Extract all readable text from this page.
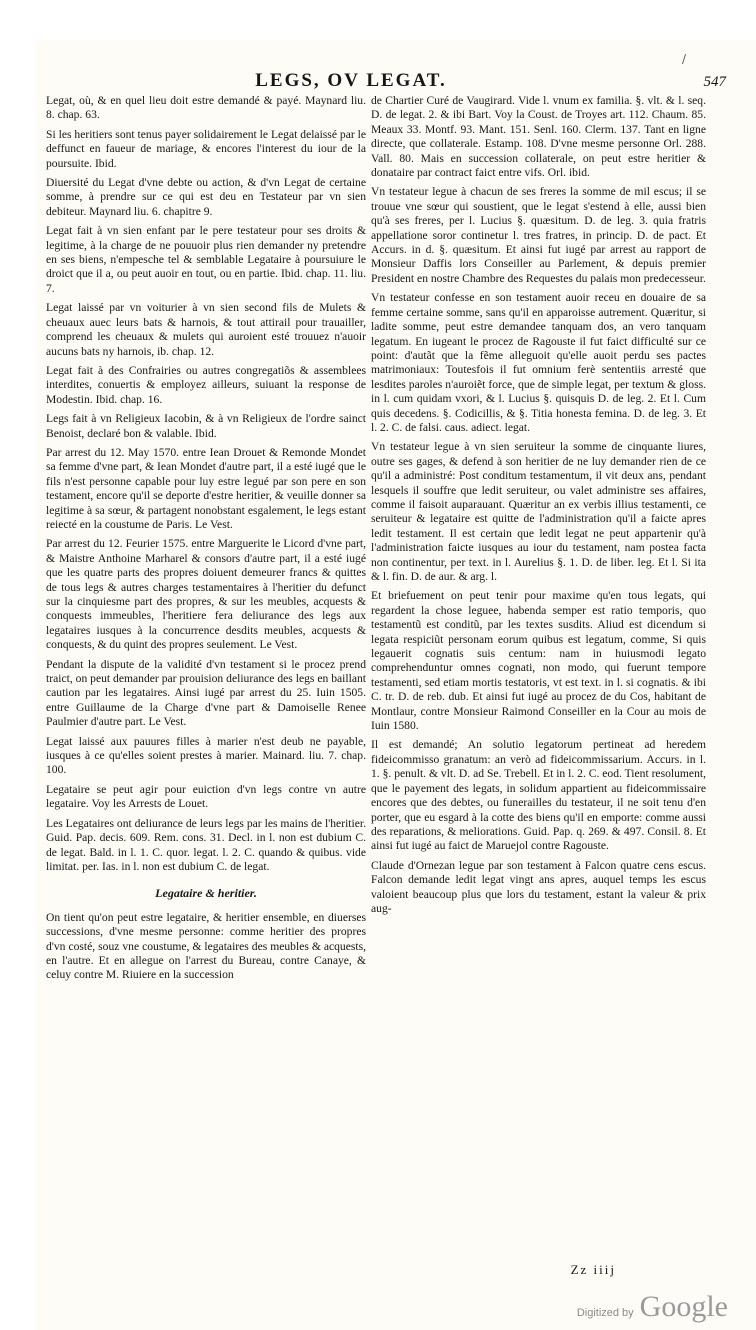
/
LEGS, OV LEGAT.	547

Legat, où, & en quel lieu doit estre demandé & payé. Maynard liu. 8. chap. 63.

Si les heritiers sont tenus payer solidairement le Legat delaissé par le deffunct en faueur de mariage, & encores l'interest du iour de la poursuite. Ibid.

Diuersité du Legat d'vne debte ou action, & d'vn Legat de certaine somme, à prendre sur ce qui est deu en Testateur par vn sien debiteur. Maynard liu. 6. chapitre 9.

Legat fait à vn sien enfant par le pere testateur pour ses droits & legitime, à la charge de ne pouuoir plus rien demander ny pretendre en ses biens, n'empesche tel & semblable Legataire à poursuiure le droict que il a, ou peut auoir en tout, ou en partie. Ibid. chap. 11. liu. 7.

Legat laissé par vn voiturier à vn sien second fils de Mulets & cheuaux auec leurs bats & harnois, & tout attirail pour trauailler, comprend les cheuaux & mulets qui auroient esté trouuez n'auoir aucuns bats ny harnois, ib. chap. 12.

Legat fait à des Confrairies ou autres congregatiõs & assemblees interdites, conuertis & employez ailleurs, suiuant la response de Modestin. Ibid. chap. 16.

Legs fait à vn Religieux Iacobin, & à vn Religieux de l'ordre sainct Benoist, declaré bon & valable. Ibid.

Par arrest du 12. May 1570. entre Iean Drouet & Remonde Mondet sa femme d'vne part, & Iean Mondet d'autre part, il a esté iugé que le fils n'est personne capable pour luy estre legué par son pere en son testament, encore qu'il se deporte d'estre heritier, & veuille donner sa legitime à sa sœur, & partagent nonobstant esgalement, le legs estant reiecté en la coustume de Paris. Le Vest.

Par arrest du 12. Feurier 1575. entre Marguerite le Licord d'vne part, & Maistre Anthoine Marharel & consors d'autre part, il a esté iugé que les quatre parts des propres doiuent demeurer francs & quittes de tous legs & autres charges testamentaires à l'heritier du defunct sur la cinquiesme part des propres, & sur les meubles, acquests & conquests immeubles, l'heritiere fera deliurance des legs aux legataires iusques à la concurrence desdits meubles, acquests & conquests, & du quint des propres seulement. Le Vest.

Pendant la dispute de la validité d'vn testament si le procez prend traict, on peut demander par prouision deliurance des legs en baillant caution par les legataires. Ainsi iugé par arrest du 25. Iuin 1505. entre Guillaume de la Charge d'vne part & Damoiselle Renee Paulmier d'autre part. Le Vest.

Legat laissé aux pauures filles à marier n'est deub ne payable, iusques à ce qu'elles soient prestes à marier. Mainard. liu. 7. chap. 100.

Legataire se peut agir pour euiction d'vn legs contre vn autre legataire. Voy les Arrests de Louet.

Les Legataires ont deliurance de leurs legs par les mains de l'heritier. Guid. Pap. decis. 609. Rem. cons. 31. Decl. in l. non est dubium C. de legat. Bald. in l. 1. C. quor. legat. l. 2. C. quando & quibus. vide limitat. per. Ias. in l. non est dubium C. de legat.

Legataire & heritier.

On tient qu'on peut estre legataire, & heritier ensemble, en diuerses successions, d'vne mesme personne: comme heritier des propres d'vn costé, souz vne coustume, & legataires des meubles & acquests, en l'autre. Et en allegue on l'arrest du Bureau, contre Canaye, & celuy contre M. Riuiere en la succession

de Chartier Curé de Vaugirard. Vide l. vnum ex familia. §. vlt. & l. seq. D. de legat. 2. & ibi Bart. Voy la Coust. de Troyes art. 112. Chaum. 85. Meaux 33. Montf. 93. Mant. 151. Senl. 160. Clerm. 137. Tant en ligne directe, que collaterale. Estamp. 108. D'vne mesme personne Orl. 288. Vall. 80. Mais en succession collaterale, on peut estre heritier & donataire par contract faict entre vifs. Orl. ibid.

Vn testateur legue à chacun de ses freres la somme de mil escus; il se trouue vne sœur qui soustient, que le legat s'estend à elle, aussi bien qu'à ses freres, per l. Lucius §. quæsitum. D. de leg. 3. quia fratris appellatione soror continetur l. tres fratres, in princip. D. de pact. Et Accurs. in d. §. quæsitum. Et ainsi fut iugé par arrest au rapport de Monsieur Daffis lors Conseiller au Parlement, & depuis premier President en nostre Chambre des Requestes du palais mon predecesseur.

Vn testateur confesse en son testament auoir receu en douaire de sa femme certaine somme, sans qu'il en apparoisse autrement. Quæritur, si ladite somme, peut estre demandee tanquam dos, an vero tanquam legatum. En iugeant le procez de Ragouste il fut faict difficulté sur ce point: d'autãt que la fẽme alleguoit qu'elle auoit perdu ses pactes matrimoniaux: Toutesfois il fut omnium ferè sententiis arresté que lesdites paroles n'auroiẽt force, que de simple legat, per textum & gloss. in l. cum quidam vxori, & l. Lucius §. quisquis D. de leg. 2. Et l. Cum quis decedens. §. Codicillis, & §. Titia honesta femina. D. de leg. 3. Et l. 2. C. de falsi. caus. adiect. legat.

Vn testateur legue à vn sien seruiteur la somme de cinquante liures, outre ses gages, & defend à son heritier de ne luy demander rien de ce qu'il a administré: Post conditum testamentum, il vit deux ans, pendant lesquels il souffre que ledit seruiteur, ou valet administre ses affaires, comme il faisoit auparauant. Quæritur an ex verbis illius testamenti, ce seruiteur & legataire est quitte de l'administration qu'il a faicte apres ledit testament. Il est certain que ledit legat ne peut appartenir qu'à l'administration faicte iusques au iour du testament, nam postea facta non continentur, per text. in l. Aurelius §. 1. D. de liber. leg. Et l. Si ita & l. fin. D. de aur. & arg. l.

Et briefuement on peut tenir pour maxime qu'en tous legats, qui regardent la chose leguee, habenda semper est ratio temporis, quo testamentũ est conditũ, par les textes susdits. Aliud est dicendum si legata respiciũt personam eorum quibus est legatum, comme, Si quis legauerit cognatis suis centum: nam in huiusmodi legato comprehenduntur omnes cognati, non modo, qui fuerunt tempore testamenti, sed etiam mortis testatoris, vt est text. in l. si cognatis. & ibi C. tr. D. de reb. dub. Et ainsi fut iugé au procez de du Cos, habitant de Montlaur, contre Monsieur Raimond Conseiller en la Cour au mois de Iuin 1580.

Il est demandé; An solutio legatorum pertineat ad heredem fideicommisso granatum: an verò ad fideicommissarium. Accurs. in l. 1. §. penult. & vlt. D. ad Se. Trebell. Et in l. 2. C. eod. Tient resolument, que le payement des legats, in solidum appartient au fideicommissaire encores que des debtes, ou funerailles du testateur, il ne soit tenu d'en porter, que eu esgard à la cotte des biens qu'il en emporte: comme aussi des reparations, & meliorations. Guid. Pap. q. 269. & 497. Consil. 8. Et ainsi fut iugé au faict de Maruejol contre Ragouste.

Claude d'Ornezan legue par son testament à Falcon quatre cens escus. Falcon demande ledit legat vingt ans apres, auquel temps les escus valoient beaucoup plus que lors du testament, estant la valeur & prix aug-

Zz iiij
Digitized by Google
